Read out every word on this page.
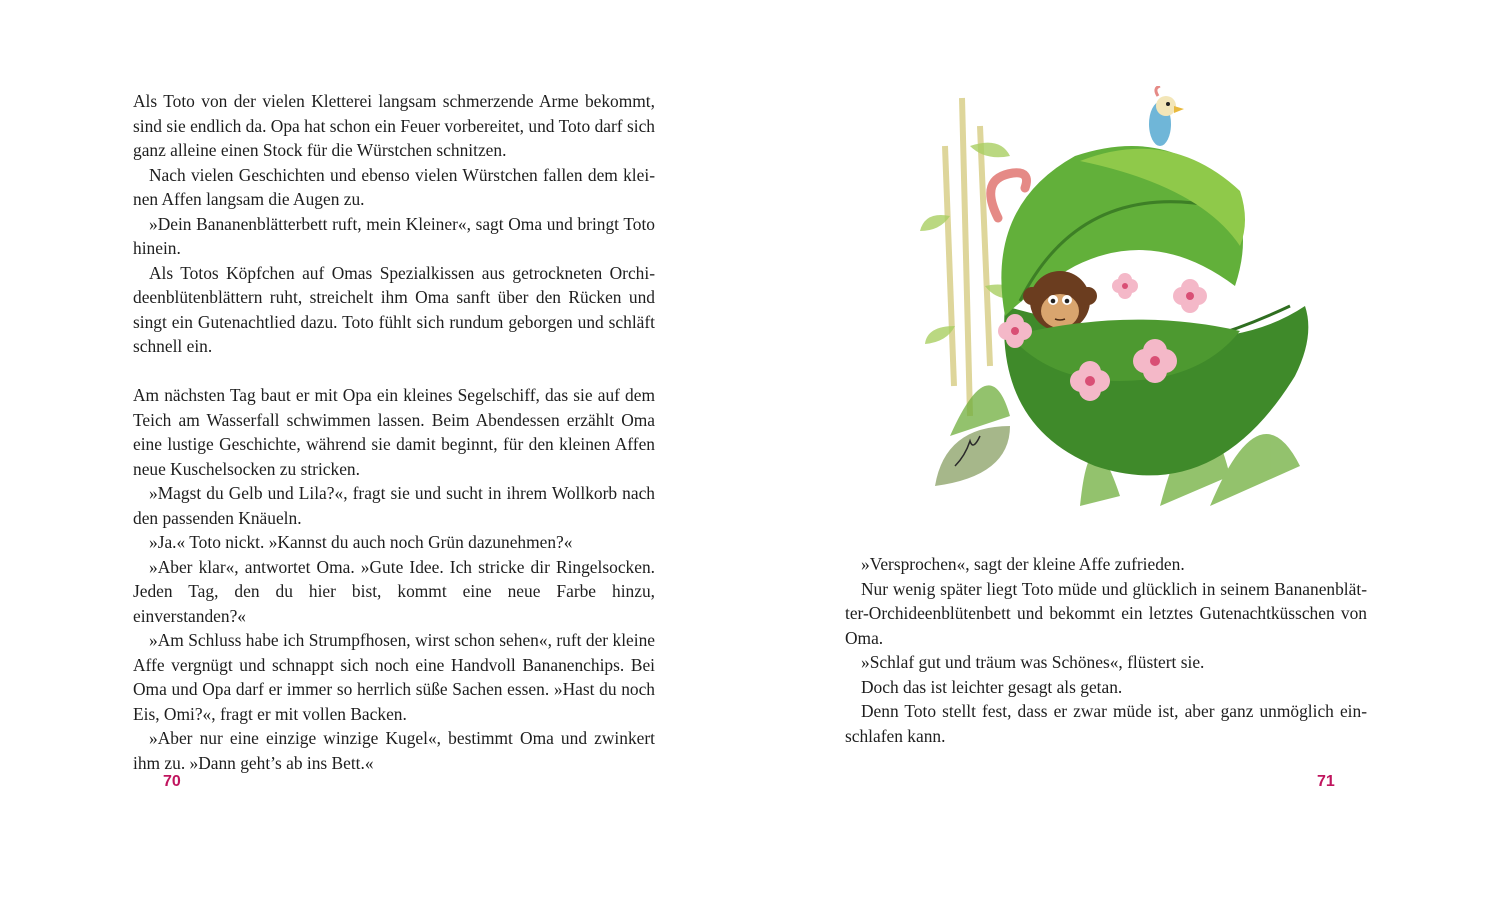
Als Toto von der vielen Kletterei langsam schmerzende Arme bekommt, sind sie endlich da. Opa hat schon ein Feuer vorbereitet, und Toto darf sich ganz alleine einen Stock für die Würstchen schnitzen.

Nach vielen Geschichten und ebenso vielen Würstchen fallen dem kleinen Affen langsam die Augen zu.

»Dein Bananenblätterbett ruft, mein Kleiner«, sagt Oma und bringt Toto hinein.

Als Totos Köpfchen auf Omas Spezialkissen aus getrockneten Orchideenblütenblättern ruht, streichelt ihm Oma sanft über den Rücken und singt ein Gutenachtlied dazu. Toto fühlt sich rundum geborgen und schläft schnell ein.

Am nächsten Tag baut er mit Opa ein kleines Segelschiff, das sie auf dem Teich am Wasserfall schwimmen lassen. Beim Abendessen erzählt Oma eine lustige Geschichte, während sie damit beginnt, für den kleinen Affen neue Kuschelsocken zu stricken.

»Magst du Gelb und Lila?«, fragt sie und sucht in ihrem Wollkorb nach den passenden Knäueln.

»Ja.« Toto nickt. »Kannst du auch noch Grün dazunehmen?«

»Aber klar«, antwortet Oma. »Gute Idee. Ich stricke dir Ringelsocken. Jeden Tag, den du hier bist, kommt eine neue Farbe hinzu, einverstanden?«

»Am Schluss habe ich Strumpfhosen, wirst schon sehen«, ruft der kleine Affe vergnügt und schnappt sich noch eine Handvoll Bananenchips. Bei Oma und Opa darf er immer so herrlich süße Sachen essen. »Hast du noch Eis, Omi?«, fragt er mit vollen Backen.

»Aber nur eine einzige winzige Kugel«, bestimmt Oma und zwinkert ihm zu. »Dann geht’s ab ins Bett.«

70

»Versprochen«, sagt der kleine Affe zufrieden.

Nur wenig später liegt Toto müde und glücklich in seinem Bananenblätter-Orchideenblütenbett und bekommt ein letztes Gutenachtküsschen von Oma.

»Schlaf gut und träum was Schönes«, flüstert sie.

Doch das ist leichter gesagt als getan.

Denn Toto stellt fest, dass er zwar müde ist, aber ganz unmöglich einschlafen kann.

71
